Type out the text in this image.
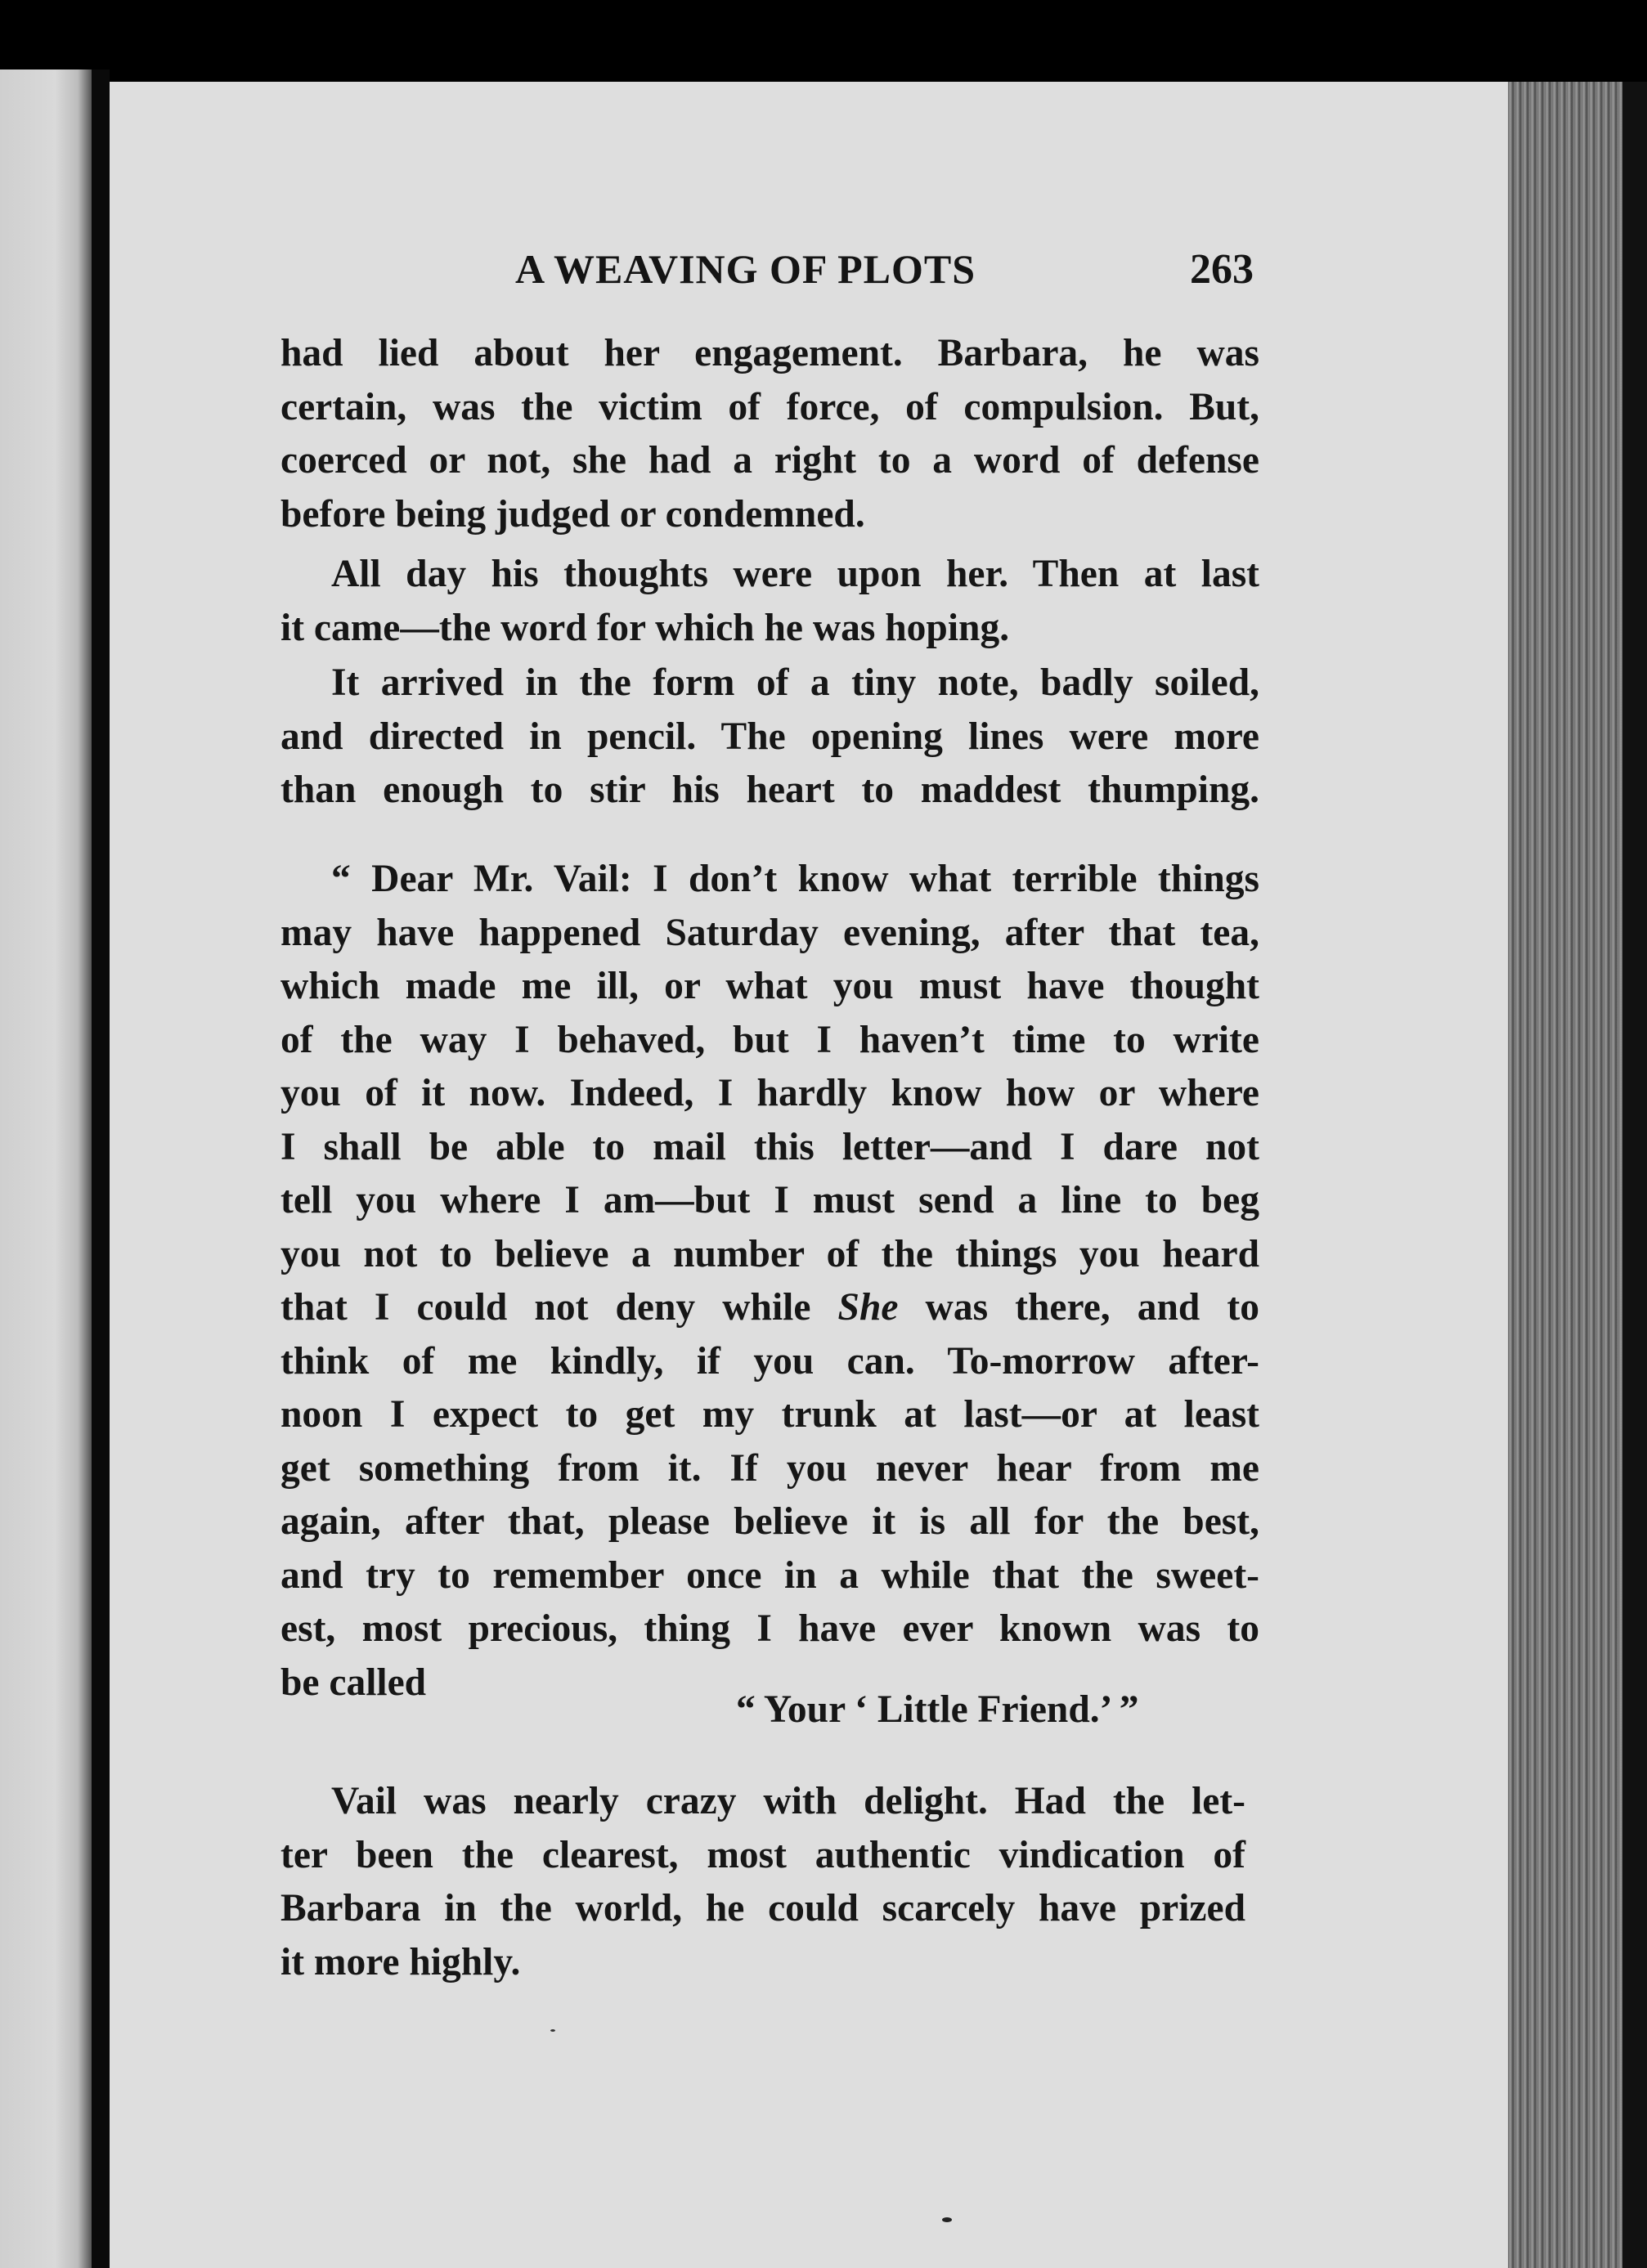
A WEAVING OF PLOTS	263
had lied about her engagement. Barbara, he was
certain, was the victim of force, of compulsion. But,
coerced or not, she had a right to a word of defense
before being judged or condemned.
All day his thoughts were upon her. Then at last
it came—the word for which he was hoping.
It arrived in the form of a tiny note, badly soiled,
and directed in pencil. The opening lines were more
than enough to stir his heart to maddest thumping.
“ Dear Mr. Vail: I don’t know what terrible things
may have happened Saturday evening, after that tea,
which made me ill, or what you must have thought
of the way I behaved, but I haven’t time to write
you of it now. Indeed, I hardly know how or where
I shall be able to mail this letter—and I dare not
tell you where I am—but I must send a line to beg
you not to believe a number of the things you heard
that I could not deny while She was there, and to
think of me kindly, if you can. To-morrow after-
noon I expect to get my trunk at last—or at least
get something from it. If you never hear from me
again, after that, please believe it is all for the best,
and try to remember once in a while that the sweet-
est, most precious, thing I have ever known was to
be called
“ Your ‘ Little Friend.’ ”
Vail was nearly crazy with delight. Had the let-
ter been the clearest, most authentic vindication of
Barbara in the world, he could scarcely have prized
it more highly.
